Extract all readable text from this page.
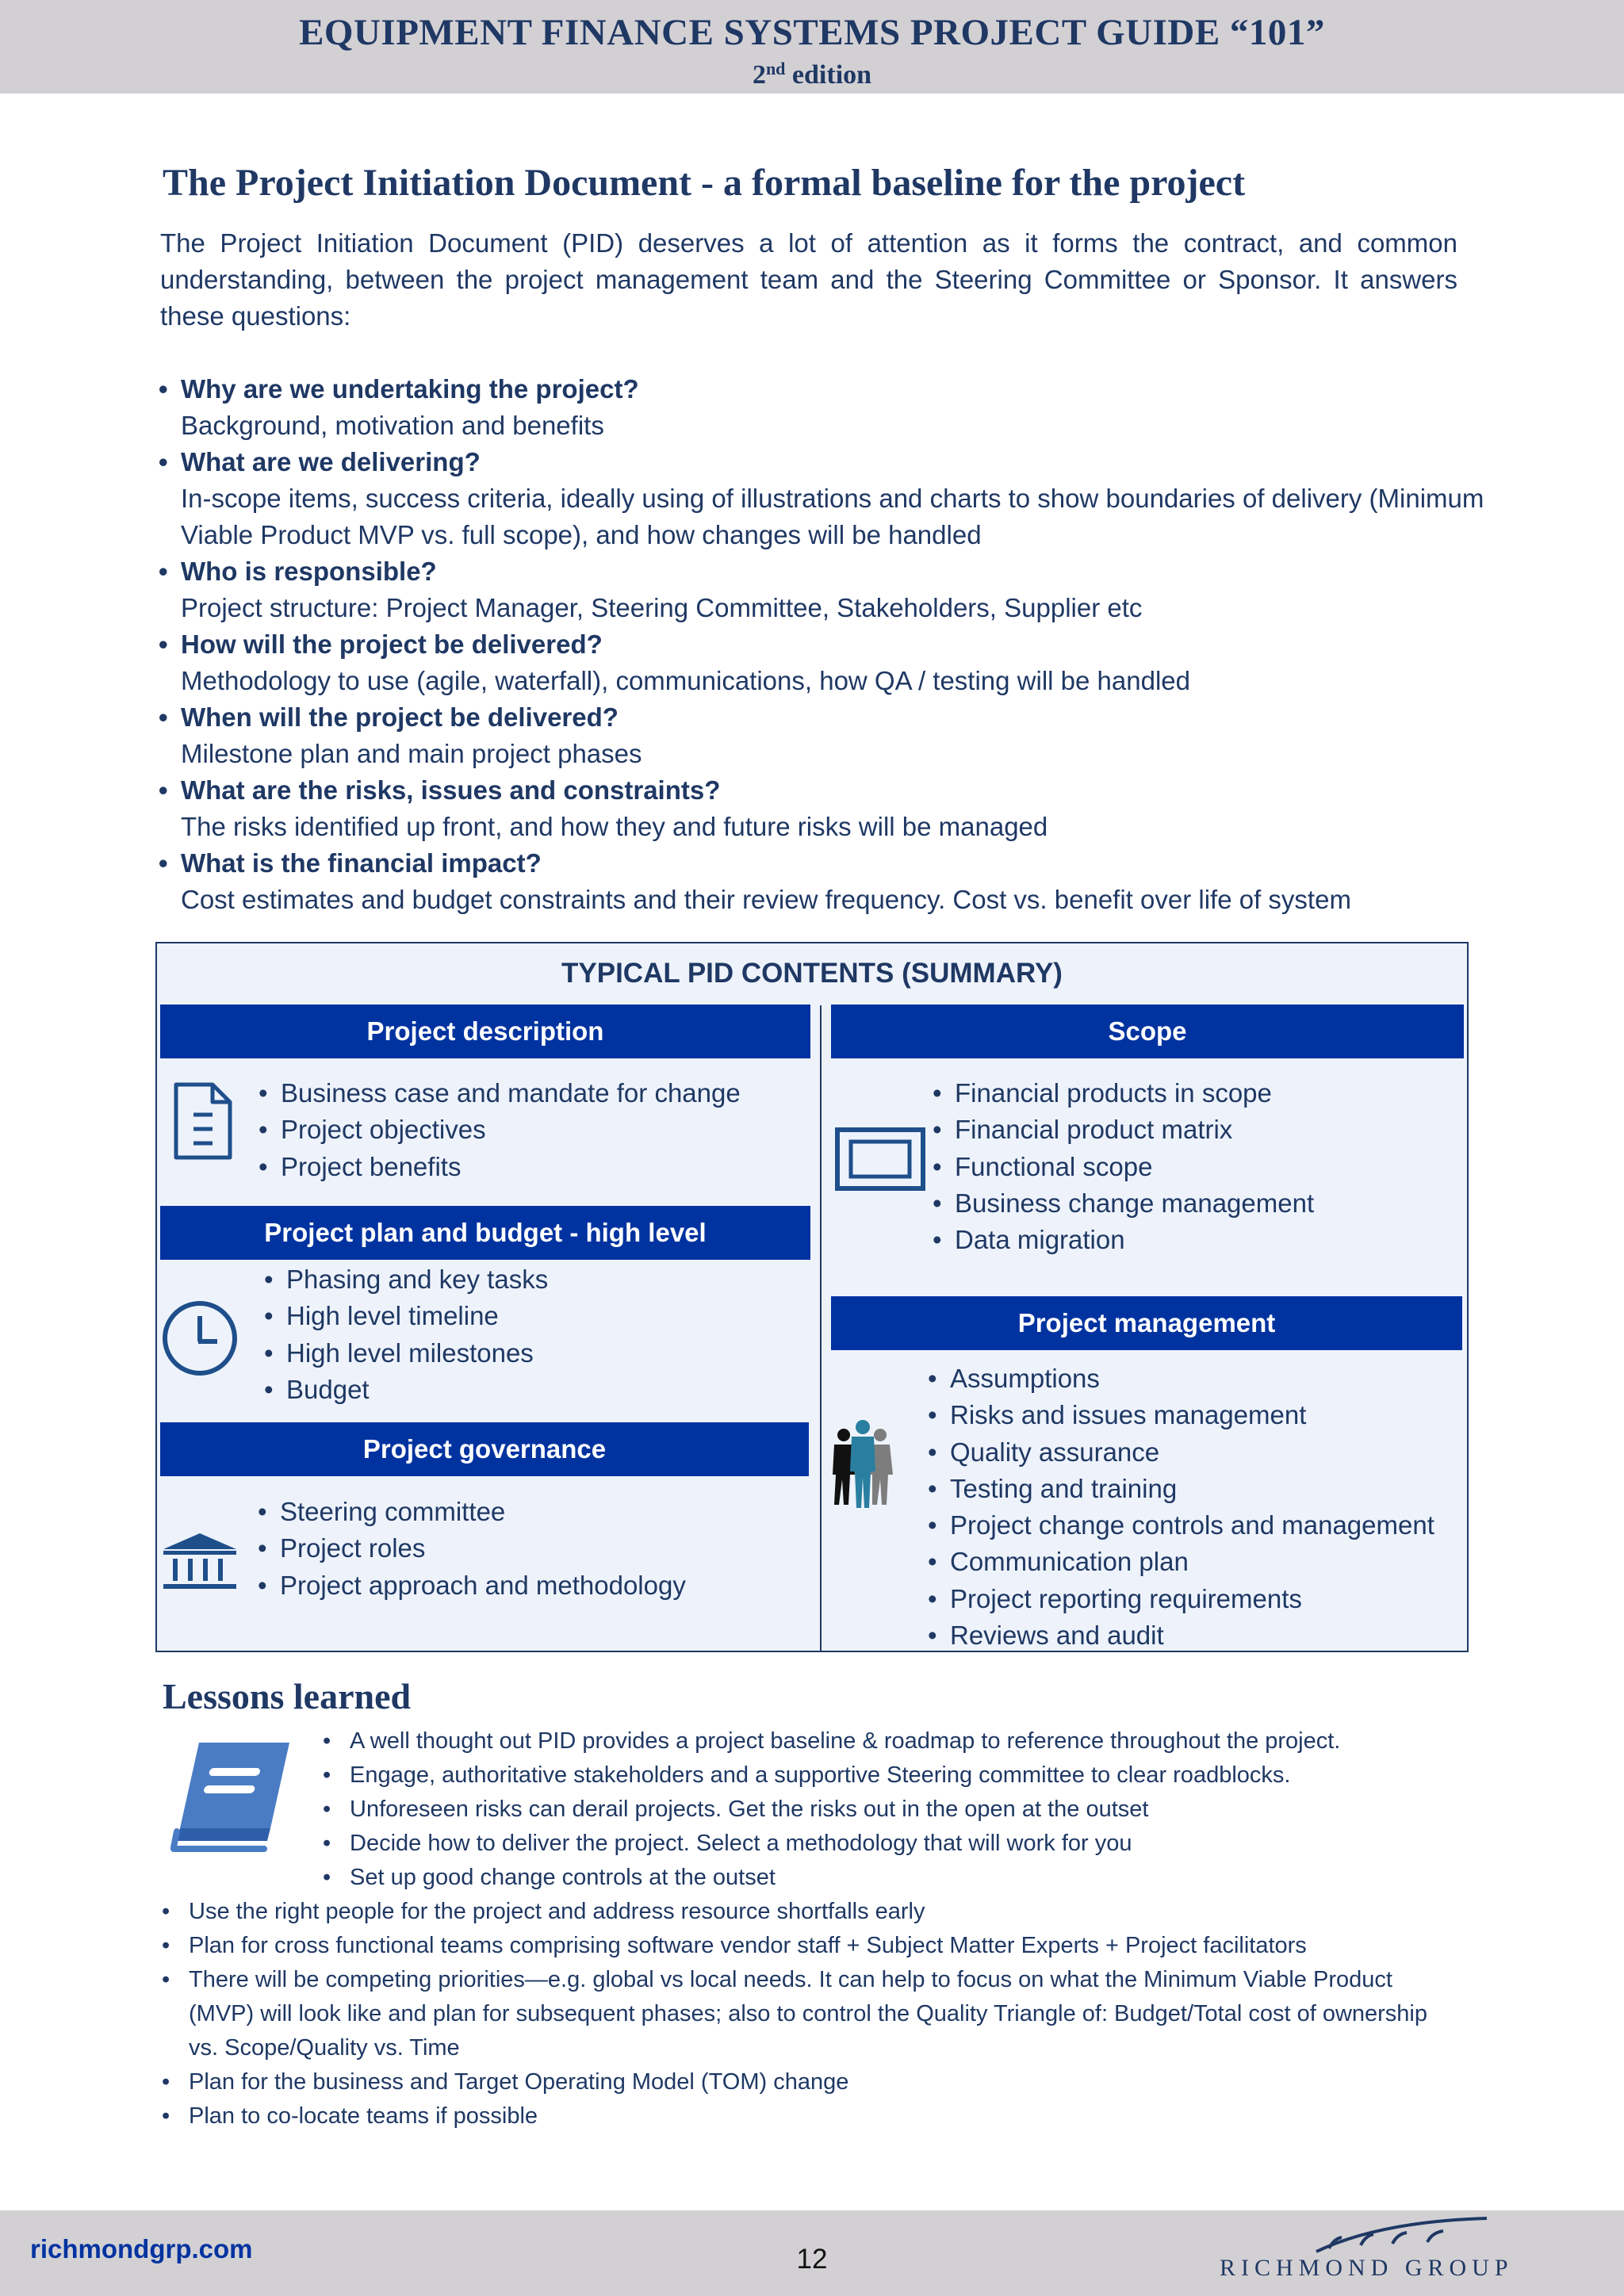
EQUIPMENT FINANCE SYSTEMS PROJECT GUIDE “101”
2nd edition
The Project Initiation Document - a formal baseline for the project

The Project Initiation Document (PID) deserves a lot of attention as it forms the contract, and common understanding, between the project management team and the Steering Committee or Sponsor. It answers these questions:

• Why are we undertaking the project?
Background, motivation and benefits
• What are we delivering?
In-scope items, success criteria, ideally using of illustrations and charts to show boundaries of delivery (Minimum Viable Product MVP vs. full scope), and how changes will be handled
• Who is responsible?
Project structure: Project Manager, Steering Committee, Stakeholders, Supplier etc
• How will the project be delivered?
Methodology to use (agile, waterfall), communications, how QA / testing will be handled
• When will the project be delivered?
Milestone plan and main project phases
• What are the risks, issues and constraints?
The risks identified up front, and how they and future risks will be managed
• What is the financial impact?
Cost estimates and budget constraints and their review frequency. Cost vs. benefit over life of system
TYPICAL PID CONTENTS (SUMMARY)
Project description
• Business case and mandate for change
• Project objectives
• Project benefits
Project plan and budget - high level
• Phasing and key tasks
• High level timeline
• High level milestones
• Budget
Project governance
• Steering committee
• Project roles
• Project approach and methodology
Scope
• Financial products in scope
• Financial product matrix
• Functional scope
• Business change management
• Data migration
Project management
• Assumptions
• Risks and issues management
• Quality assurance
• Testing and training
• Project change controls and management
• Communication plan
• Project reporting requirements
• Reviews and audit
Lessons learned
• A well thought out PID provides a project baseline & roadmap to reference throughout the project.
• Engage, authoritative stakeholders and a supportive Steering committee to clear roadblocks.
• Unforeseen risks can derail projects. Get the risks out in the open at the outset
• Decide how to deliver the project. Select a methodology that will work for you
• Set up good change controls at the outset
• Use the right people for the project and address resource shortfalls early
• Plan for cross functional teams comprising software vendor staff + Subject Matter Experts + Project facilitators
• There will be competing priorities—e.g. global vs local needs. It can help to focus on what the Minimum Viable Product (MVP) will look like and plan for subsequent phases; also to control the Quality Triangle of: Budget/Total cost of ownership vs. Scope/Quality vs. Time
• Plan for the business and Target Operating Model (TOM) change
• Plan to co-locate teams if possible
richmondgrp.com	12	RICHMOND GROUP
